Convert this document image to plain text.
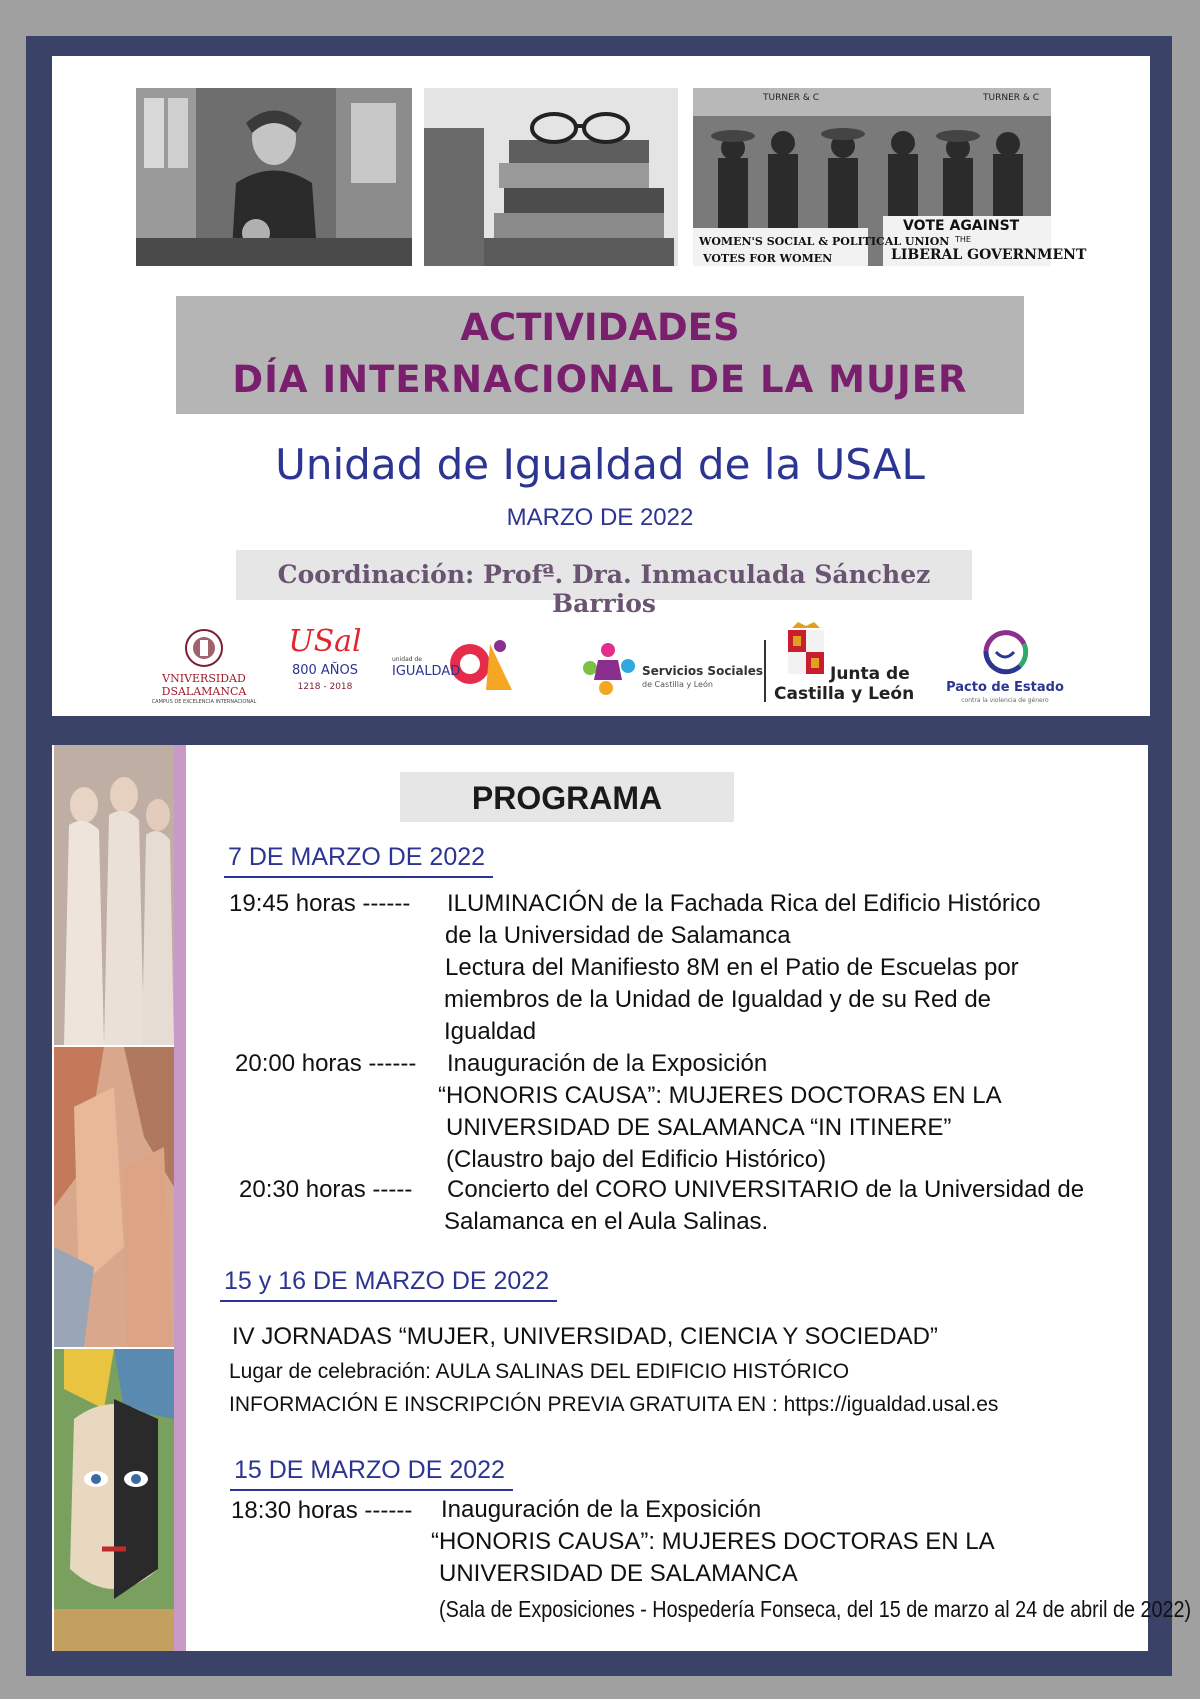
TURNER & C	TURNER & C
WOMEN'S SOCIAL & POLITICAL UNION
VOTES FOR WOMEN
VOTE AGAINST
THE
LIBERAL GOVERNMENT
ACTIVIDADES
DÍA INTERNACIONAL DE LA MUJER
Unidad de Igualdad de la USAL
MARZO DE 2022
Coordinación: Profª. Dra. Inmaculada Sánchez Barrios
VNIVERSIDAD
DSALAMANCA
CAMPUS DE EXCELENCIA INTERNACIONAL
USal
800 AÑOS
1218 - 2018
unidad de
IGUALDAD	Servicios Sociales
de Castilla y León
Junta de
Castilla y León	Pacto de Estado
contra la violencia de género
PROGRAMA
7 DE MARZO DE 2022
19:45 horas ------ ILUMINACIÓN de la Fachada Rica del Edificio Histórico
de la Universidad de Salamanca
Lectura del Manifiesto 8M en el Patio de Escuelas por
miembros de la Unidad de Igualdad y de su Red de
Igualdad
20:00 horas ------ Inauguración de la Exposición
“HONORIS CAUSA”: MUJERES DOCTORAS EN LA
UNIVERSIDAD DE SALAMANCA “IN ITINERE”
(Claustro bajo del Edificio Histórico)
20:30 horas ----- Concierto del CORO UNIVERSITARIO de la Universidad de
Salamanca en el Aula Salinas.
15 y 16 DE MARZO DE 2022
IV JORNADAS “MUJER, UNIVERSIDAD, CIENCIA Y SOCIEDAD”
Lugar de celebración: AULA SALINAS DEL EDIFICIO HISTÓRICO
INFORMACIÓN E INSCRIPCIÓN PREVIA GRATUITA EN : https://igualdad.usal.es
15 DE MARZO DE 2022
18:30 horas ------ Inauguración de la Exposición
“HONORIS CAUSA”: MUJERES DOCTORAS EN LA
UNIVERSIDAD DE SALAMANCA
(Sala de Exposiciones - Hospedería Fonseca, del 15 de marzo al 24 de abril de 2022)
